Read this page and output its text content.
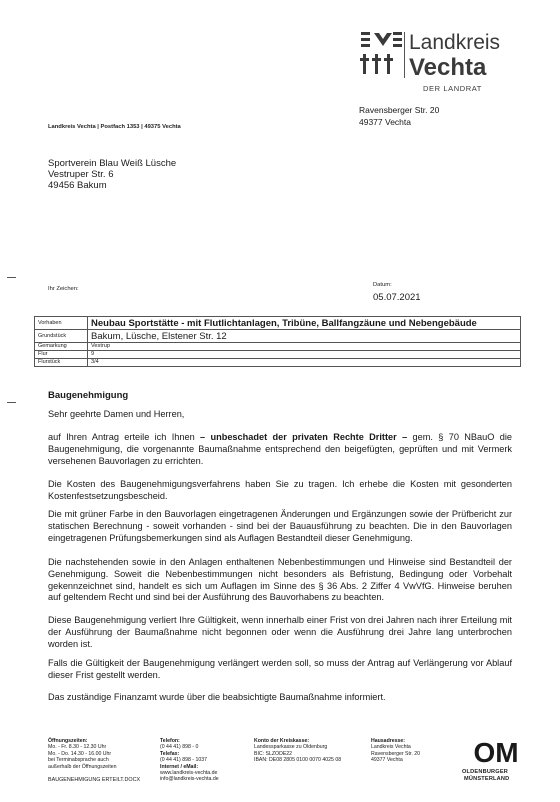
Landkreis
Vechta
DER LANDRAT
Ravensberger Str. 20
49377 Vechta
Landkreis Vechta | Postfach 1353 | 49375 Vechta
Sportverein Blau Weiß Lüsche
Vestruper Str. 6
49456 Bakum
Ihr Zeichen:
Datum:
05.07.2021
Vorhaben	Neubau Sportstätte - mit Flutlichtanlagen, Tribüne, Ballfangzäune und Nebengebäude
Grundstück	Bakum, Lüsche, Elstener Str. 12
Gemarkung	Vestrup
Flur	9
Flurstück	3/4
Baugenehmigung
Sehr geehrte Damen und Herren,
auf Ihren Antrag erteile ich Ihnen – unbeschadet der privaten Rechte Dritter – gem. § 70 NBauO die Baugenehmigung, die vorgenannte Baumaßnahme entsprechend den beigefügten, geprüften und mit Vermerk versehenen Bauvorlagen zu errichten.
Die Kosten des Baugenehmigungsverfahrens haben Sie zu tragen. Ich erhebe die Kosten mit gesonderten Kostenfestsetzungsbescheid.
Die mit grüner Farbe in den Bauvorlagen eingetragenen Änderungen und Ergänzungen sowie der Prüfbericht zur statischen Berechnung - soweit vorhanden - sind bei der Bauausführung zu beachten. Die in den Bauvorlagen eingetragenen Prüfungsbemerkungen sind als Auflagen Bestandteil dieser Genehmigung.
Die nachstehenden sowie in den Anlagen enthaltenen Nebenbestimmungen und Hinweise sind Bestandteil der Genehmigung. Soweit die Nebenbestimmungen nicht besonders als Befristung, Bedingung oder Vorbehalt gekennzeichnet sind, handelt es sich um Auflagen im Sinne des § 36 Abs. 2 Ziffer 4 VwVfG. Hinweise beruhen auf geltendem Recht und sind bei der Ausführung des Bauvorhabens zu beachten.
Diese Baugenehmigung verliert Ihre Gültigkeit, wenn innerhalb einer Frist von drei Jahren nach ihrer Erteilung mit der Ausführung der Baumaßnahme nicht begonnen oder wenn die Ausführung drei Jahre lang unterbrochen worden ist.
Falls die Gültigkeit der Baugenehmigung verlängert werden soll, so muss der Antrag auf Verlängerung vor Ablauf dieser Frist gestellt werden.
Das zuständige Finanzamt wurde über die beabsichtigte Baumaßnahme informiert.
Öffnungszeiten:
Mo. - Fr. 8.30 - 12.30 Uhr
Mo. - Do. 14.30 - 16.00 Uhr
bei Terminabsprache auch
außerhalb der Öffnungszeiten
Telefon:
(0 44 41) 898 - 0
Telefax:
(0 44 41) 898 - 1037
Internet / eMail:
www.landkreis-vechta.de
info@landkreis-vechta.de
Konto der Kreiskasse:
Landessparkasse zu Oldenburg
BIC: SLZODE22
IBAN: DE08 2805 0100 0070 4025 08
Hausadresse:
Landkreis Vechta
Ravensberger Str. 20
49377 Vechta
BAUGENEHMIGUNG ERTEILT.DOCX
OM
OLDENBURGER
MÜNSTERLAND
